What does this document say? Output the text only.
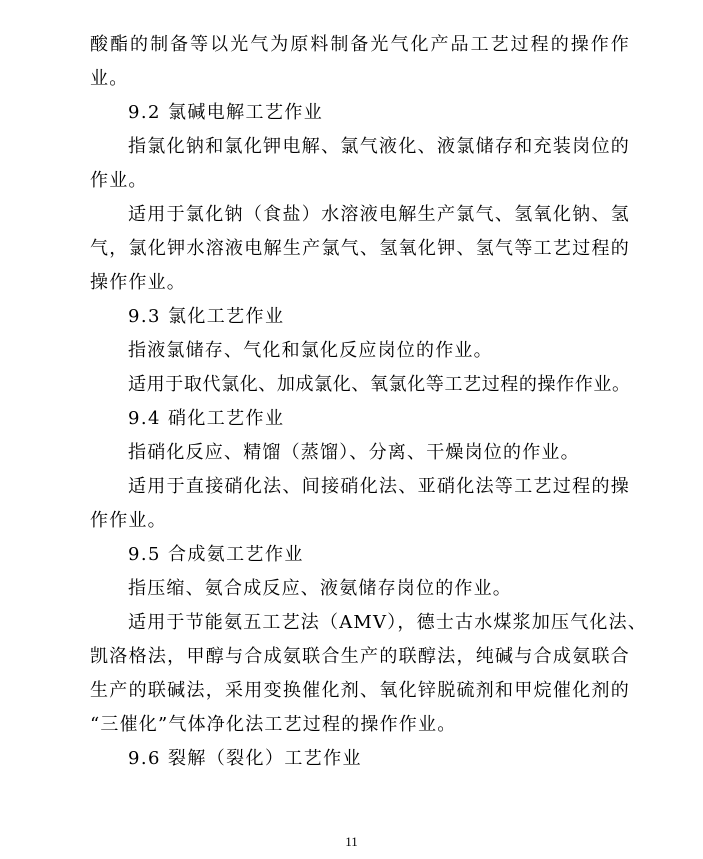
酸酯的制备等以光气为原料制备光气化产品工艺过程的操作作
业。
9.2 氯碱电解工艺作业
指氯化钠和氯化钾电解、氯气液化、液氯储存和充装岗位的
作业。
适用于氯化钠（食盐）水溶液电解生产氯气、氢氧化钠、氢
气，氯化钾水溶液电解生产氯气、氢氧化钾、氢气等工艺过程的
操作作业。
9.3 氯化工艺作业
指液氯储存、气化和氯化反应岗位的作业。
适用于取代氯化、加成氯化、氧氯化等工艺过程的操作作业。
9.4 硝化工艺作业
指硝化反应、精馏（蒸馏）、分离、干燥岗位的作业。
适用于直接硝化法、间接硝化法、亚硝化法等工艺过程的操
作作业。
9.5 合成氨工艺作业
指压缩、氨合成反应、液氨储存岗位的作业。
适用于节能氨五工艺法（AMV），德士古水煤浆加压气化法、
凯洛格法，甲醇与合成氨联合生产的联醇法，纯碱与合成氨联合
生产的联碱法，采用变换催化剂、氧化锌脱硫剂和甲烷催化剂的
“三催化”气体净化法工艺过程的操作作业。
9.6 裂解（裂化）工艺作业
11
